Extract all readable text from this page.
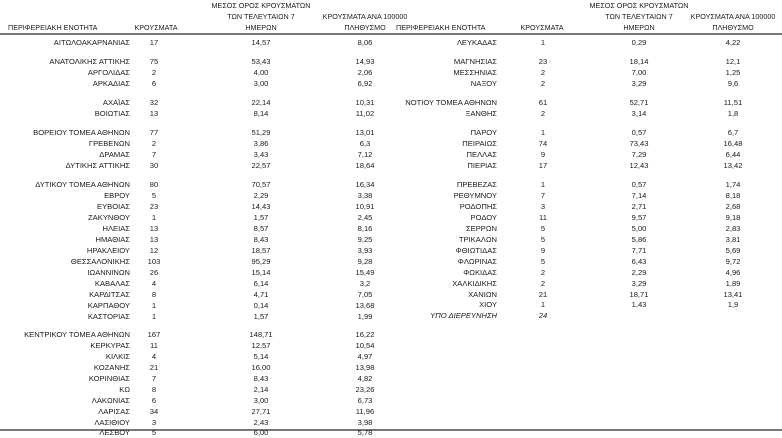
ΠΕΡΙΦΕΡΕΙΑΚΗ ΕΝΟΤΗΤΑ	ΚΡΟΥΣΜΑΤΑ
ΜΕΣΟΣ ΟΡΟΣ ΚΡΟΥΣΜΑΤΩΝ
ΤΩΝ ΤΕΛΕΥΤΑΙΩΝ 7
ΗΜΕΡΩΝ
ΚΡΟΥΣΜΑΤΑ ΑΝΑ 100000
ΠΛΗΘΥΣΜΟ	ΠΕΡΙΦΕΡΕΙΑΚΗ ΕΝΟΤΗΤΑ	ΚΡΟΥΣΜΑΤΑ
ΜΕΣΟΣ ΟΡΟΣ ΚΡΟΥΣΜΑΤΩΝ
ΤΩΝ ΤΕΛΕΥΤΑΙΩΝ 7
ΗΜΕΡΩΝ
ΚΡΟΥΣΜΑΤΑ ΑΝΑ 100000
ΠΛΗΘΥΣΜΟ
ΑΙΤΩΛΟΑΚΑΡΝΑΝΙΑΣ	17	14,57	8,06
ΑΝΑΤΟΛΙΚΗΣ ΑΤΤΙΚΗΣ	75	53,43	14,93
ΑΡΓΟΛΙΔΑΣ	2	4,00	2,06
ΑΡΚΑΔΙΑΣ	6	3,00	6,92
ΑΧΑΪΑΣ	32	22,14	10,31
ΒΟΙΩΤΙΑΣ	13	8,14	11,02
ΒΟΡΕΙΟΥ ΤΟΜΕΑ ΑΘΗΝΩΝ	77	51,29	13,01
ΓΡΕΒΕΝΩΝ	2	3,86	6,3
ΔΡΑΜΑΣ	7	3,43	7,12
ΔΥΤΙΚΗΣ ΑΤΤΙΚΗΣ	30	22,57	18,64
ΔΥΤΙΚΟΥ ΤΟΜΕΑ ΑΘΗΝΩΝ	80	70,57	16,34
ΕΒΡΟΥ	5	2,29	3,38
ΕΥΒΟΙΑΣ	23	14,43	10,91
ΖΑΚΥΝΘΟΥ	1	1,57	2,45
ΗΛΕΙΑΣ	13	8,57	8,16
ΗΜΑΘΙΑΣ	13	8,43	9,25
ΗΡΑΚΛΕΙΟΥ	12	18,57	3,93
ΘΕΣΣΑΛΟΝΙΚΗΣ	103	95,29	9,28
ΙΩΑΝΝΙΝΩΝ	26	15,14	15,49
ΚΑΒΑΛΑΣ	4	6,14	3,2
ΚΑΡΔΙΤΣΑΣ	8	4,71	7,05
ΚΑΡΠΑΘΟΥ	1	0,14	13,68
ΚΑΣΤΟΡΙΑΣ	1	1,57	1,99
ΚΕΝΤΡΙΚΟΥ ΤΟΜΕΑ ΑΘΗΝΩΝ	167	148,71	16,22
ΚΕΡΚΥΡΑΣ	11	12,57	10,54
ΚΙΛΚΙΣ	4	5,14	4,97
ΚΟΖΑΝΗΣ	21	16,00	13,98
ΚΟΡΙΝΘΙΑΣ	7	8,43	4,82
ΚΩ	8	2,14	23,26
ΛΑΚΩΝΙΑΣ	6	3,00	6,73
ΛΑΡΙΣΑΣ	34	27,71	11,96
ΛΑΣΙΘΙΟΥ	3	2,43	3,98
ΛΕΣΒΟΥ	5	6,00	5,78
ΛΕΥΚΑΔΑΣ	1	0,29	4,22
ΜΑΓΝΗΣΙΑΣ	23	18,14	12,1
ΜΕΣΣΗΝΙΑΣ	2	7,00	1,25
ΝΑΞΟΥ	2	3,29	9,6
ΝΟΤΙΟΥ ΤΟΜΕΑ ΑΘΗΝΩΝ	61	52,71	11,51
ΞΑΝΘΗΣ	2	3,14	1,8
ΠΑΡΟΥ	1	0,57	6,7
ΠΕΙΡΑΙΩΣ	74	73,43	16,48
ΠΕΛΛΑΣ	9	7,29	6,44
ΠΙΕΡΙΑΣ	17	12,43	13,42
ΠΡΕΒΕΖΑΣ	1	0,57	1,74
ΡΕΘΥΜΝΟΥ	7	7,14	8,18
ΡΟΔΟΠΗΣ	3	2,71	2,68
ΡΟΔΟΥ	11	9,57	9,18
ΣΕΡΡΩΝ	5	5,00	2,83
ΤΡΙΚΑΛΩΝ	5	5,86	3,81
ΦΘΙΩΤΙΔΑΣ	9	7,71	5,69
ΦΛΩΡΙΝΑΣ	5	6,43	9,72
ΦΩΚΙΔΑΣ	2	2,29	4,96
ΧΑΛΚΙΔΙΚΗΣ	2	3,29	1,89
ΧΑΝΙΩΝ	21	18,71	13,41
ΧΙΟΥ	1	1,43	1,9
ΥΠΟ ΔΙΕΡΕΥΝΗΣΗ	24
